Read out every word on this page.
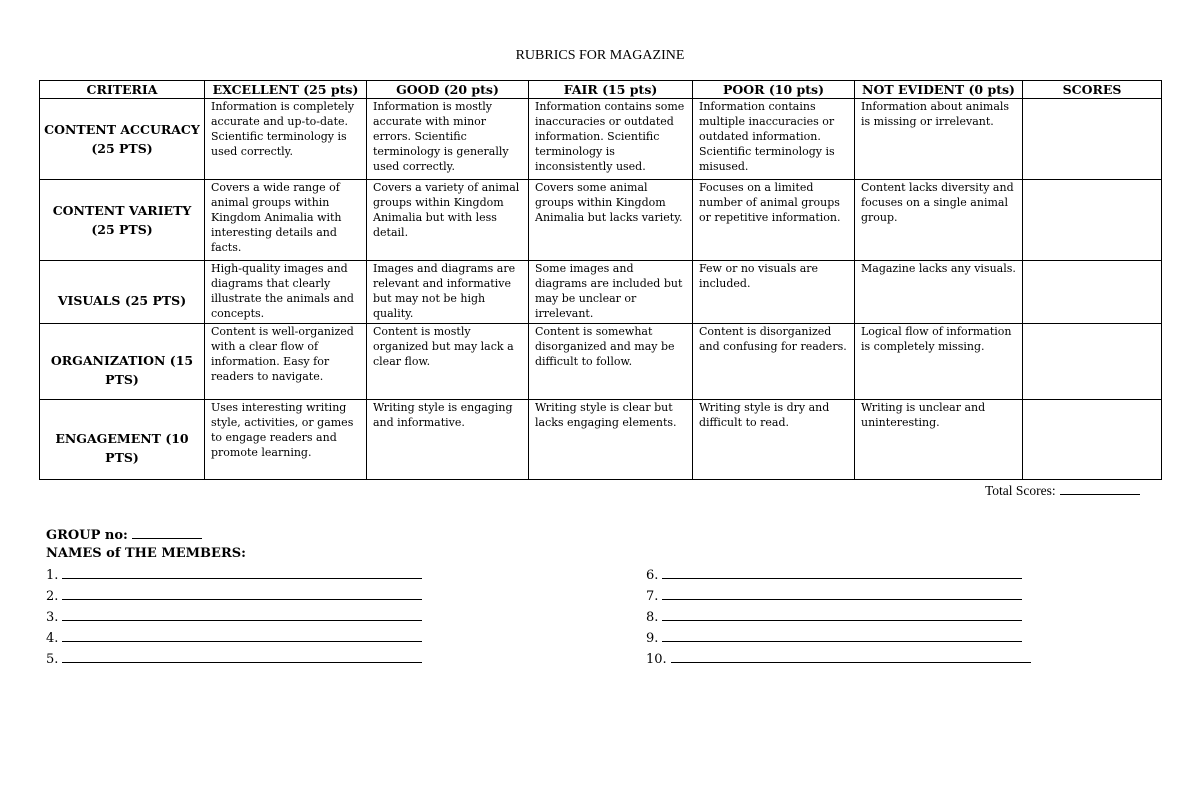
RUBRICS FOR MAGAZINE
CRITERIA	EXCELLENT (25 pts)	GOOD (20 pts)	FAIR (15 pts)	POOR (10 pts)	NOT EVIDENT (0 pts)	SCORES
CONTENT ACCURACY (25 PTS)	Information is completely accurate and up-to-date. Scientific terminology is used correctly.	Information is mostly accurate with minor errors. Scientific terminology is generally used correctly.	Information contains some inaccuracies or outdated information. Scientific terminology is inconsistently used.	Information contains multiple inaccuracies or outdated information. Scientific terminology is misused.	Information about animals is missing or irrelevant.	
CONTENT VARIETY (25 PTS)	Covers a wide range of animal groups within Kingdom Animalia with interesting details and facts.	Covers a variety of animal groups within Kingdom Animalia but with less detail.	Covers some animal groups within Kingdom Animalia but lacks variety.	Focuses on a limited number of animal groups or repetitive information.	Content lacks diversity and focuses on a single animal group.	
VISUALS (25 PTS)	High-quality images and diagrams that clearly illustrate the animals and concepts.	Images and diagrams are relevant and informative but may not be high quality.	Some images and diagrams are included but may be unclear or irrelevant.	Few or no visuals are included.	Magazine lacks any visuals.	
ORGANIZATION (15 PTS)	Content is well-organized with a clear flow of information. Easy for readers to navigate.	Content is mostly organized but may lack a clear flow.	Content is somewhat disorganized and may be difficult to follow.	Content is disorganized and confusing for readers.	Logical flow of information is completely missing.	
ENGAGEMENT (10 PTS)	Uses interesting writing style, activities, or games to engage readers and promote learning.	Writing style is engaging and informative.	Writing style is clear but lacks engaging elements.	Writing style is dry and difficult to read.	Writing is unclear and uninteresting.	
Total Scores:
GROUP no:
NAMES of THE MEMBERS:
1.
2.
3.
4.
5.
6.
7.
8.
9.
10.
